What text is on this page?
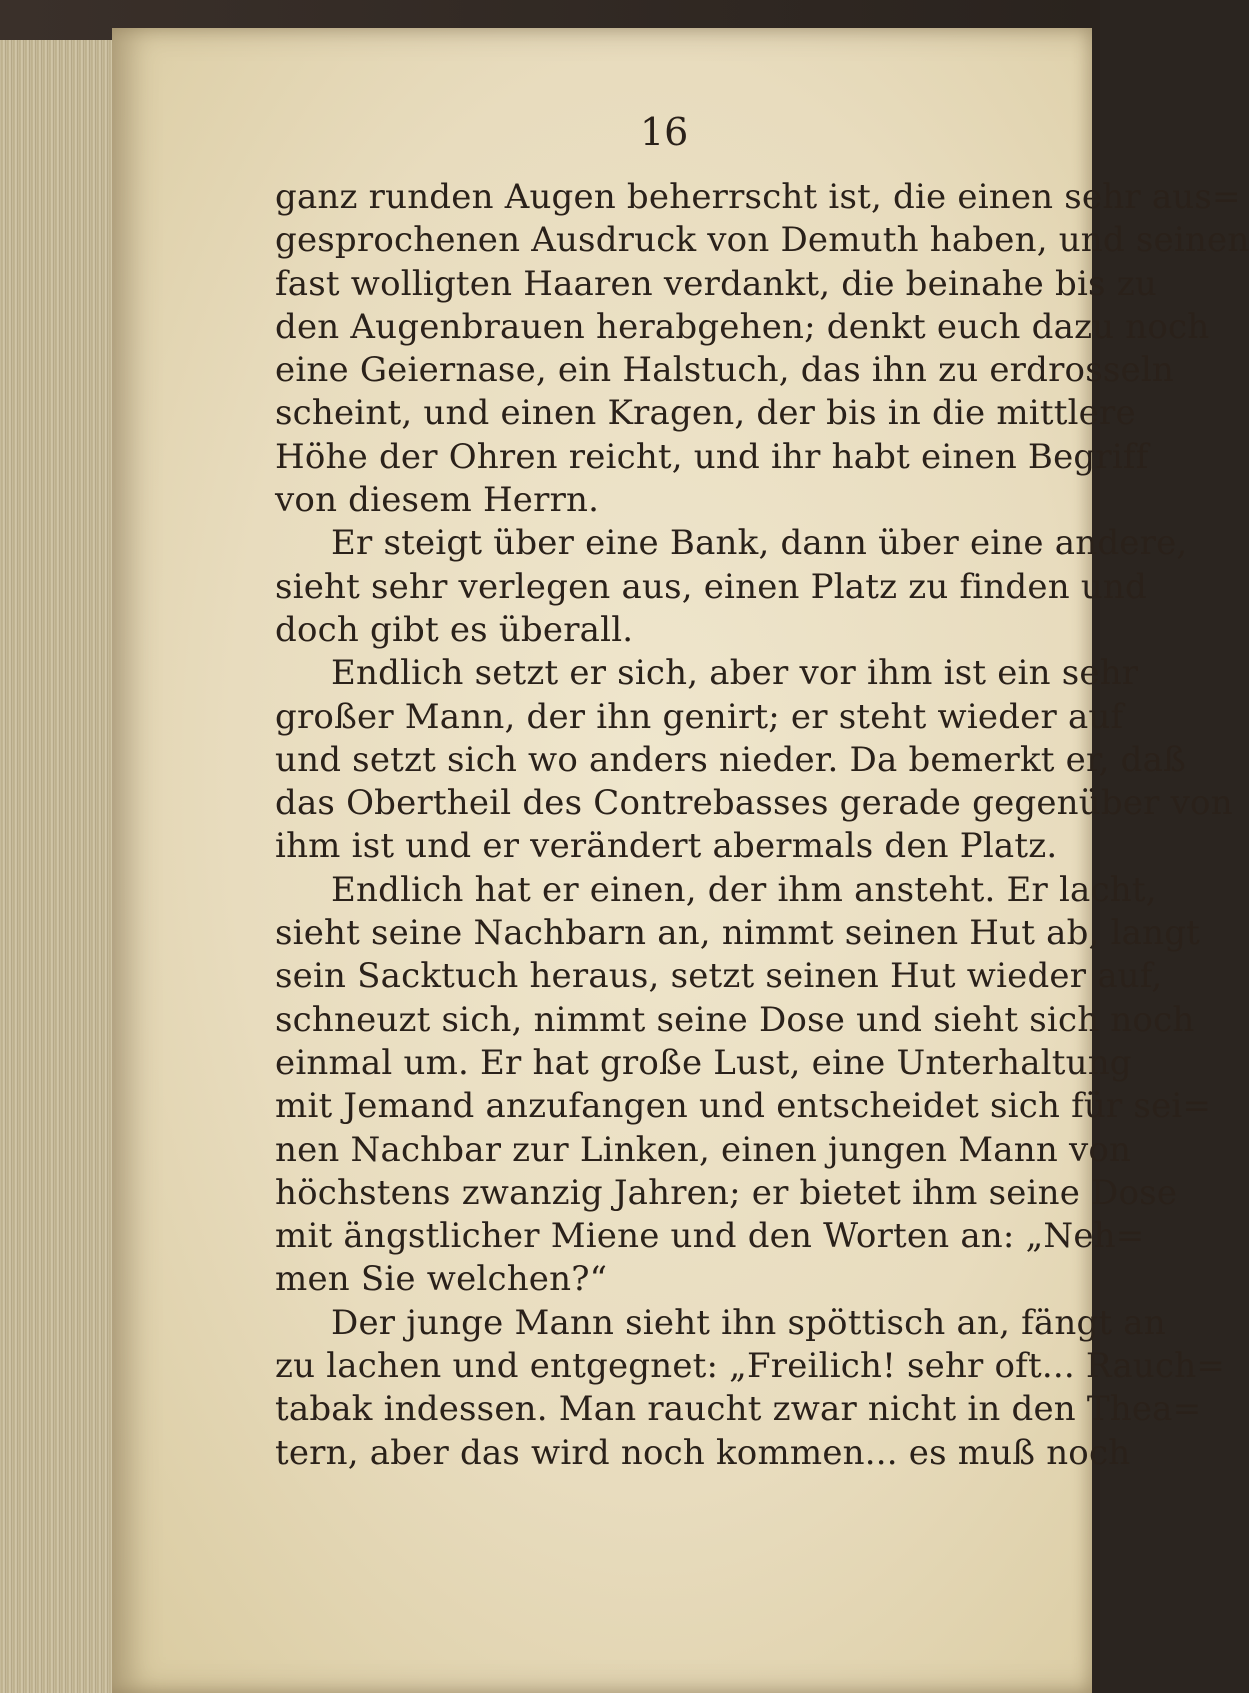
16
ganz runden Augen beherrscht ist, die einen sehr aus=
gesprochenen Ausdruck von Demuth haben, und seinen
fast wolligten Haaren verdankt, die beinahe bis zu
den Augenbrauen herabgehen; denkt euch dazu noch
eine Geiernase, ein Halstuch, das ihn zu erdrosseln
scheint, und einen Kragen, der bis in die mittlere
Höhe der Ohren reicht, und ihr habt einen Begriff
von diesem Herrn.
Er steigt über eine Bank, dann über eine andere,
sieht sehr verlegen aus, einen Platz zu finden und
doch gibt es überall.
Endlich setzt er sich, aber vor ihm ist ein sehr
großer Mann, der ihn genirt; er steht wieder auf
und setzt sich wo anders nieder. Da bemerkt er, daß
das Obertheil des Contrebasses gerade gegenüber von
ihm ist und er verändert abermals den Platz.
Endlich hat er einen, der ihm ansteht. Er lacht,
sieht seine Nachbarn an, nimmt seinen Hut ab, langt
sein Sacktuch heraus, setzt seinen Hut wieder auf,
schneuzt sich, nimmt seine Dose und sieht sich noch
einmal um. Er hat große Lust, eine Unterhaltung
mit Jemand anzufangen und entscheidet sich für sei=
nen Nachbar zur Linken, einen jungen Mann von
höchstens zwanzig Jahren; er bietet ihm seine Dose
mit ängstlicher Miene und den Worten an: „Neh=
men Sie welchen?“
Der junge Mann sieht ihn spöttisch an, fängt an
zu lachen und entgegnet: „Freilich! sehr oft... Rauch=
tabak indessen. Man raucht zwar nicht in den Thea=
tern, aber das wird noch kommen... es muß noch
